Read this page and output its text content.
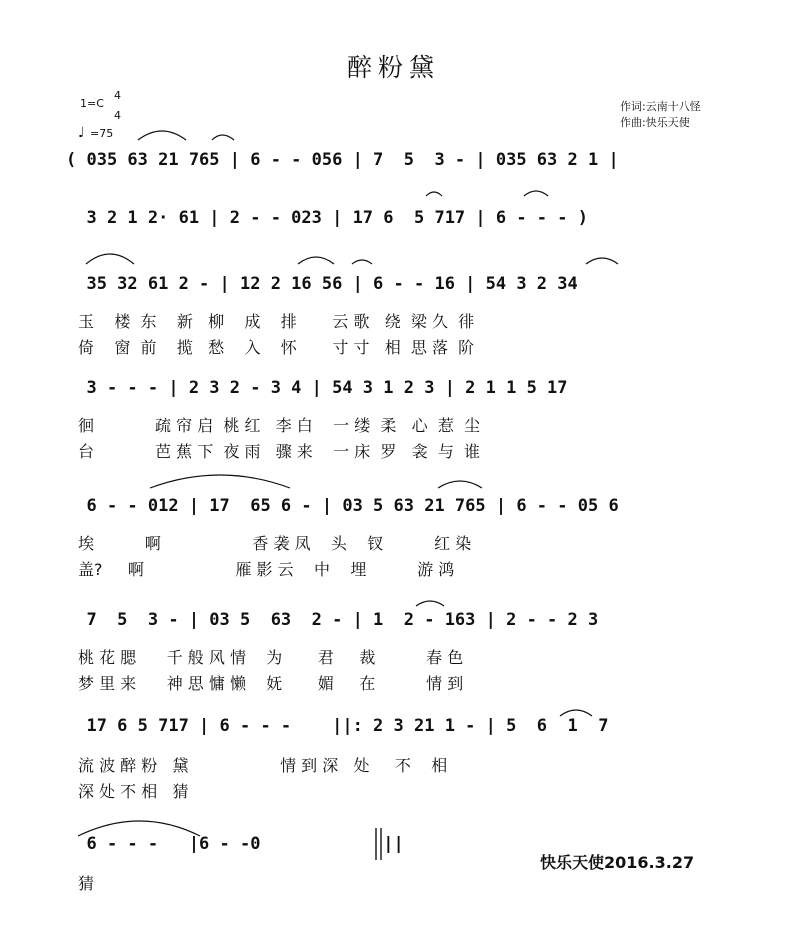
醉粉黛
1=C
4
4
♩ =75
作词:云南十八怪
作曲:快乐天使
( 035 63 21 765 | 6 - - 056 | 7  5  3 - | 035 63 2 1 |
3 2 1 2· 61 | 2 - - 023 | 17 6  5 717 | 6 - - - )
35 32 61 2 - | 12 2 16 56 | 6 - - 16 | 54 3 2 34
玉    楼  东    新   柳    成    排       云 歌   绕  梁 久  徘
倚    窗  前    揽   愁    入    怀       寸 寸   相  思 落  阶
3 - - - | 2 3 2 - 3 4 | 54 3 1 2 3 | 2 1 1 5 17
徊            疏 帘 启  桃 红   李 白    一 缕  柔   心  惹  尘
台            芭 蕉 下  夜 雨   骤 来    一 床  罗   衾  与  谁
6 - - 012 | 17  65 6 - | 03 5 63 21 765 | 6 - - 05 6
埃          啊                  香 袭 凤    头    钗          红 染
盖?     啊                  雁 影 云    中    埋          游 鸿
7  5  3 - | 03 5  63  2 - | 1  2 - 163 | 2 - - 2 3
桃 花 腮      千 般 风 情    为       君     裁          春 色
梦 里 来      神 思 慵 懒    妩       媚     在          情 到
17 6 5 717 | 6 - - -    ||: 2 3 21 1 - | 5  6  1  7
流 波 醉 粉   黛                  情 到 深   处     不    相
深 处 不 相   猜
6 - - -   |6 - -0            ||
猜
快乐天使2016.3.27
